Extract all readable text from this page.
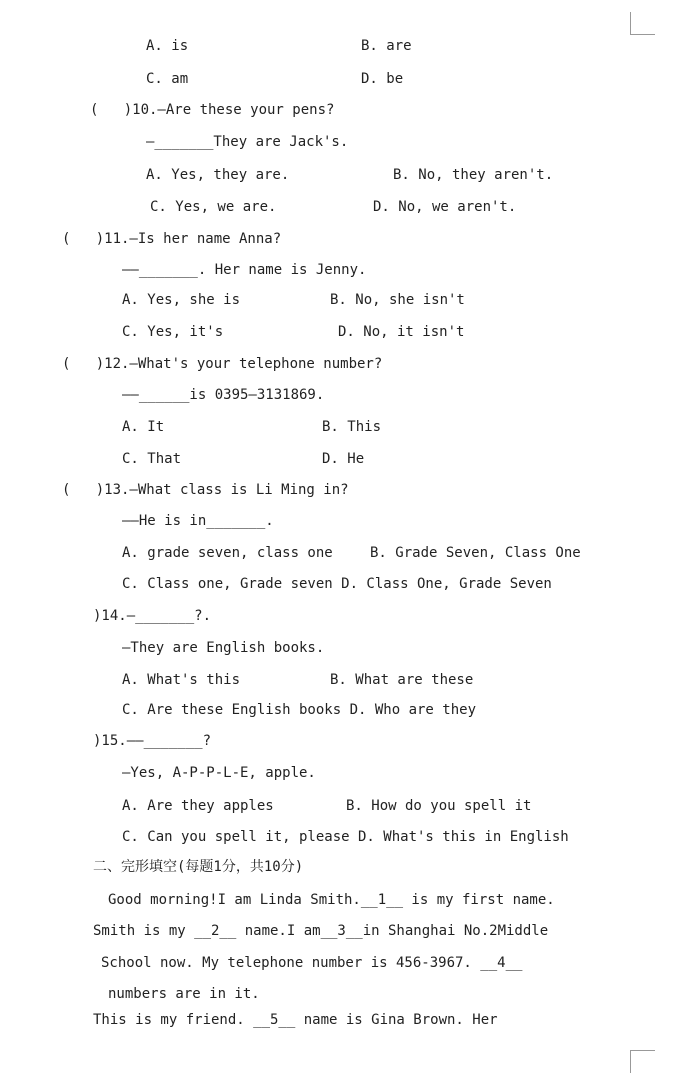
A. is	B. are
C. am	D. be
(   )10.—Are these your pens?
—_______They are Jack's.
A. Yes, they are.	B. No, they aren't.
C. Yes, we are.	D. No, we aren't.
(   )11.—Is her name Anna?
——_______. Her name is Jenny.
A. Yes, she is	B. No, she isn't
C. Yes, it's	D. No, it isn't
(   )12.—What's your telephone number?
——______is 0395—3131869.
A. It	B. This
C. That	D. He
(   )13.—What class is Li Ming in?
——He is in_______.
A. grade seven, class one	B. Grade Seven, Class One
C. Class one, Grade seven D. Class One, Grade Seven
)14.—_______?.
—They are English books.
A. What's this	B. What are these
C. Are these English books D. Who are they
)15.——_______?
—Yes, A-P-P-L-E, apple.
A. Are they apples	B. How do you spell it
C. Can you spell it, please D. What's this in English
二、完形填空(每题1分，共10分)
Good morning!I am Linda Smith.__1__ is my first name.
Smith is my __2__ name.I am__3__in Shanghai No.2Middle
School now. My telephone number is 456-3967. __4__
numbers are in it.
This is my friend. __5__ name is Gina Brown. Her
